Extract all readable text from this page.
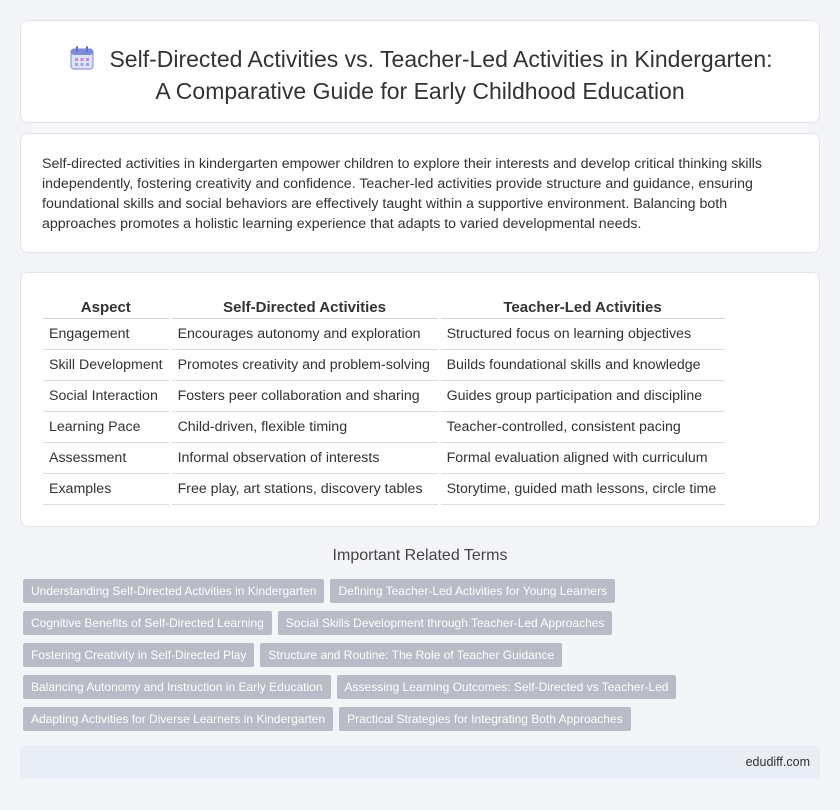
Self-Directed Activities vs. Teacher-Led Activities in Kindergarten:
A Comparative Guide for Early Childhood Education

Self-directed activities in kindergarten empower children to explore their interests and develop critical thinking skills independently, fostering creativity and confidence. Teacher-led activities provide structure and guidance, ensuring foundational skills and social behaviors are effectively taught within a supportive environment. Balancing both approaches promotes a holistic learning experience that adapts to varied developmental needs.

Aspect		Self-Directed Activities		Teacher-Led Activities
Engagement		Encourages autonomy and exploration		Structured focus on learning objectives
Skill Development		Promotes creativity and problem-solving		Builds foundational skills and knowledge
Social Interaction		Fosters peer collaboration and sharing		Guides group participation and discipline
Learning Pace		Child-driven, flexible timing		Teacher-controlled, consistent pacing
Assessment		Informal observation of interests		Formal evaluation aligned with curriculum
Examples		Free play, art stations, discovery tables		Storytime, guided math lessons, circle time
Important Related Terms
Understanding Self-Directed Activities in Kindergarten Defining Teacher-Led Activities for Young Learners
Cognitive Benefits of Self-Directed Learning Social Skills Development through Teacher-Led Approaches
Fostering Creativity in Self-Directed Play Structure and Routine: The Role of Teacher Guidance
Balancing Autonomy and Instruction in Early Education Assessing Learning Outcomes: Self-Directed vs Teacher-Led
Adapting Activities for Diverse Learners in Kindergarten Practical Strategies for Integrating Both Approaches
edudiff.com
